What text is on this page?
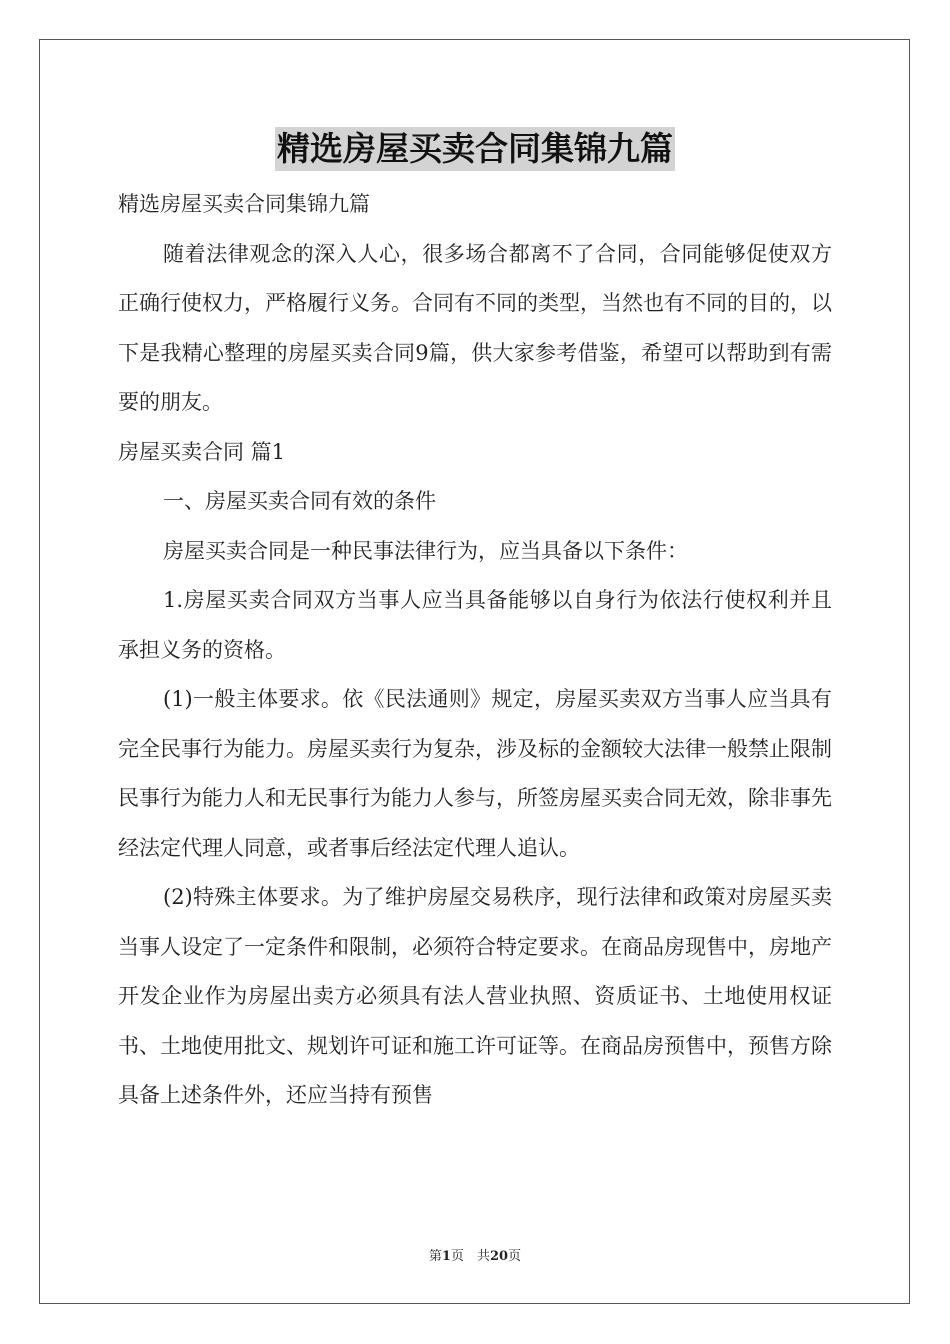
精选房屋买卖合同集锦九篇

精选房屋买卖合同集锦九篇

随着法律观念的深入人心，很多场合都离不了合同，合同能够促使双方正确行使权力，严格履行义务。合同有不同的类型，当然也有不同的目的，以下是我精心整理的房屋买卖合同9篇，供大家参考借鉴，希望可以帮助到有需要的朋友。

房屋买卖合同 篇1

一、房屋买卖合同有效的条件

房屋买卖合同是一种民事法律行为，应当具备以下条件：

1.房屋买卖合同双方当事人应当具备能够以自身行为依法行使权利并且承担义务的资格。

(1)一般主体要求。依《民法通则》规定，房屋买卖双方当事人应当具有完全民事行为能力。房屋买卖行为复杂，涉及标的金额较大法律一般禁止限制民事行为能力人和无民事行为能力人参与，所签房屋买卖合同无效，除非事先经法定代理人同意，或者事后经法定代理人追认。

(2)特殊主体要求。为了维护房屋交易秩序，现行法律和政策对房屋买卖当事人设定了一定条件和限制，必须符合特定要求。在商品房现售中，房地产开发企业作为房屋出卖方必须具有法人营业执照、资质证书、土地使用权证书、土地使用批文、规划许可证和施工许可证等。在商品房预售中，预售方除具备上述条件外，还应当持有预售

第1页　共20页
